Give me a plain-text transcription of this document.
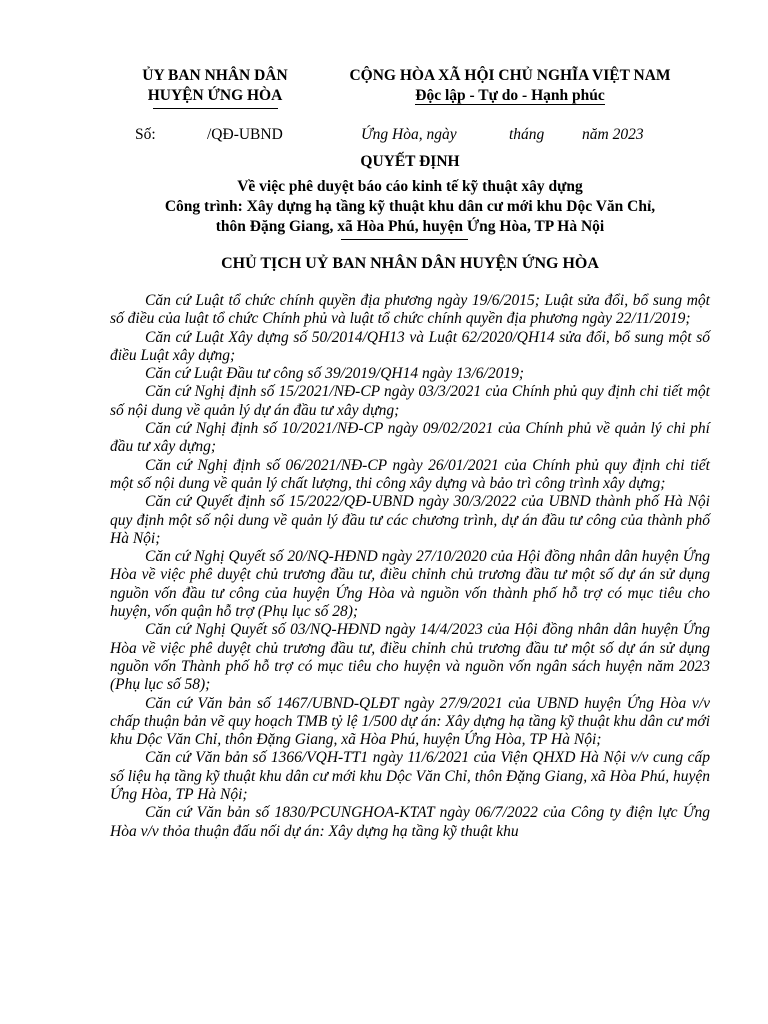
ỦY BAN NHÂN DÂN
HUYỆN ỨNG HÒA
CỘNG HÒA XÃ HỘI CHỦ NGHĨA VIỆT NAM
Độc lập - Tự do - Hạnh phúc
Số:	/QĐ-UBND	Ứng Hòa, ngày	tháng năm 2023
QUYẾT ĐỊNH
Về việc phê duyệt báo cáo kinh tế kỹ thuật xây dựng
Công trình: Xây dựng hạ tầng kỹ thuật khu dân cư mới khu Dộc Văn Chỉ,
thôn Đặng Giang, xã Hòa Phú, huyện Ứng Hòa, TP Hà Nội
CHỦ TỊCH UỶ BAN NHÂN DÂN HUYỆN ỨNG HÒA

Căn cứ Luật tổ chức chính quyền địa phương ngày 19/6/2015; Luật sửa đổi, bổ sung một số điều của luật tổ chức Chính phủ và luật tổ chức chính quyền địa phương ngày 22/11/2019;

Căn cứ Luật Xây dựng số 50/2014/QH13 và Luật 62/2020/QH14 sửa đổi, bổ sung một số điều Luật xây dựng;

Căn cứ Luật Đầu tư công số 39/2019/QH14 ngày 13/6/2019;

Căn cứ Nghị định số 15/2021/NĐ-CP ngày 03/3/2021 của Chính phủ quy định chi tiết một số nội dung về quản lý dự án đầu tư xây dựng;

Căn cứ Nghị định số 10/2021/NĐ-CP ngày 09/02/2021 của Chính phủ về quản lý chi phí đầu tư xây dựng;

Căn cứ Nghị định số 06/2021/NĐ-CP ngày 26/01/2021 của Chính phủ quy định chi tiết một số nội dung về quản lý chất lượng, thi công xây dựng và bảo trì công trình xây dựng;

Căn cứ Quyết định số 15/2022/QĐ-UBND ngày 30/3/2022 của UBND thành phố Hà Nội quy định một số nội dung về quản lý đầu tư các chương trình, dự án đầu tư công của thành phố Hà Nội;

Căn cứ Nghị Quyết số 20/NQ-HĐND ngày 27/10/2020 của Hội đồng nhân dân huyện Ứng Hòa về việc phê duyệt chủ trương đầu tư, điều chỉnh chủ trương đầu tư một số dự án sử dụng nguồn vốn đầu tư công của huyện Ứng Hòa và nguồn vốn thành phố hỗ trợ có mục tiêu cho huyện, vốn quận hỗ trợ (Phụ lục số 28);

Căn cứ Nghị Quyết số 03/NQ-HĐND ngày 14/4/2023 của Hội đồng nhân dân huyện Ứng Hòa về việc phê duyệt chủ trương đầu tư, điều chỉnh chủ trương đầu tư một số dự án sử dụng nguồn vốn Thành phố hỗ trợ có mục tiêu cho huyện và nguồn vốn ngân sách huyện năm 2023 (Phụ lục số 58);

Căn cứ Văn bản số 1467/UBND-QLĐT ngày 27/9/2021 của UBND huyện Ứng Hòa v/v chấp thuận bản vẽ quy hoạch TMB tỷ lệ 1/500 dự án: Xây dựng hạ tầng kỹ thuật khu dân cư mới khu Dộc Văn Chỉ, thôn Đặng Giang, xã Hòa Phú, huyện Ứng Hòa, TP Hà Nội;

Căn cứ Văn bản số 1366/VQH-TT1 ngày 11/6/2021 của Viện QHXD Hà Nội v/v cung cấp số liệu hạ tầng kỹ thuật khu dân cư mới khu Dộc Văn Chỉ, thôn Đặng Giang, xã Hòa Phú, huyện Ứng Hòa, TP Hà Nội;

Căn cứ Văn bản số 1830/PCUNGHOA-KTAT ngày 06/7/2022 của Công ty điện lực Ứng Hòa v/v thỏa thuận đấu nối dự án: Xây dựng hạ tầng kỹ thuật khu
